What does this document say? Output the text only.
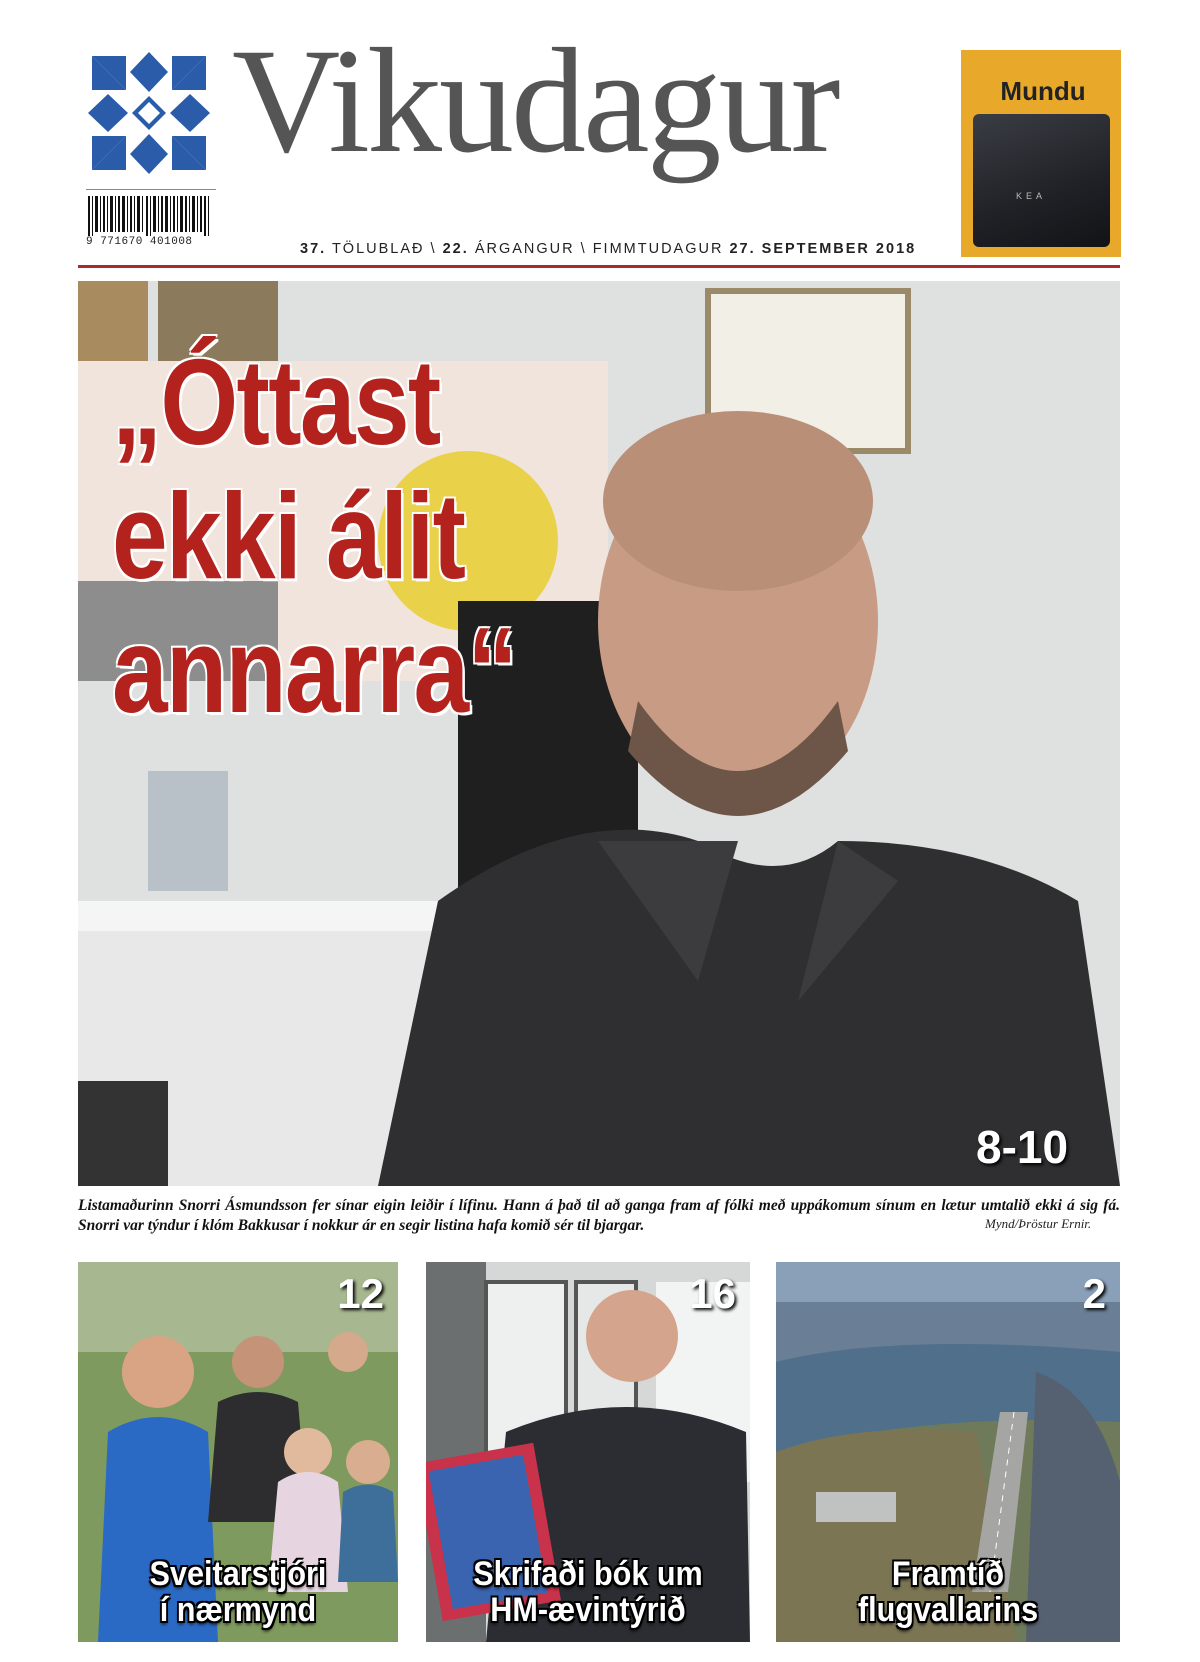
Vikudagur
9 771670 401008	37. TÖLUBLAÐ \ 22. ÁRGANGUR \ FIMMTUDAGUR 27. SEPTEMBER 2018
Mundu
KEA
„Óttast
ekki álit
annarra“
8-10
Listamaðurinn Snorri Ásmundsson fer sínar eigin leiðir í lífinu. Hann á það til að ganga fram af fólki með uppákomum sínum en lætur umtalið ekki á sig fá. Snorri var týndur í klóm Bakkusar í nokkur ár en segir listina hafa komið sér til bjargar.	Mynd/Þröstur Ernir.
12
Sveitarstjóri
í nærmynd
16
Skrifaði bók um
HM-ævintýrið
2
Framtíð
flugvallarins
